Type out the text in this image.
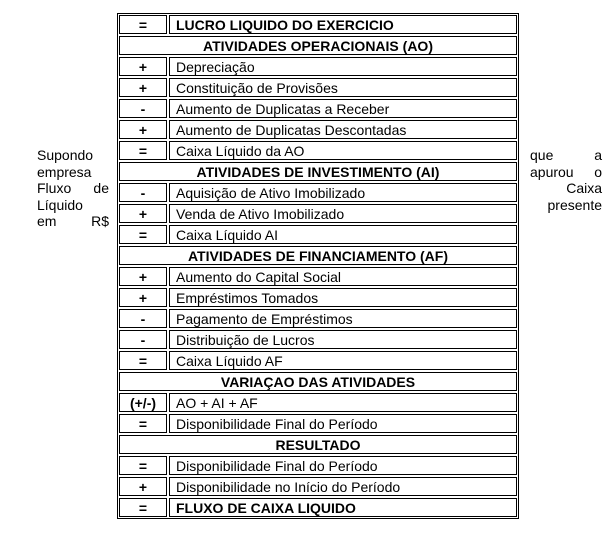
Supondo
empresa
Fluxo de
Líquido
em R$
que	a
apurou o
Caixa
presente
=	LUCRO LIQUIDO DO EXERCICIO
ATIVIDADES OPERACIONAIS (AO)
+	Depreciação
+	Constituição de Provisões
-	Aumento de Duplicatas a Receber
+	Aumento de Duplicatas Descontadas
=	Caixa Líquido da AO
ATIVIDADES DE INVESTIMENTO (AI)
-	Aquisição de Ativo Imobilizado
+	Venda de Ativo Imobilizado
=	Caixa Líquido AI
ATIVIDADES DE FINANCIAMENTO (AF)
+	Aumento do Capital Social
+	Empréstimos Tomados
-	Pagamento de Empréstimos
-	Distribuição de Lucros
=	Caixa Líquido AF
VARIAÇAO DAS ATIVIDADES
(+/-)	AO + AI + AF
=	Disponibilidade Final do Período
RESULTADO
=	Disponibilidade Final do Período
+	Disponibilidade no Início do Período
=	FLUXO DE CAIXA LIQUIDO
